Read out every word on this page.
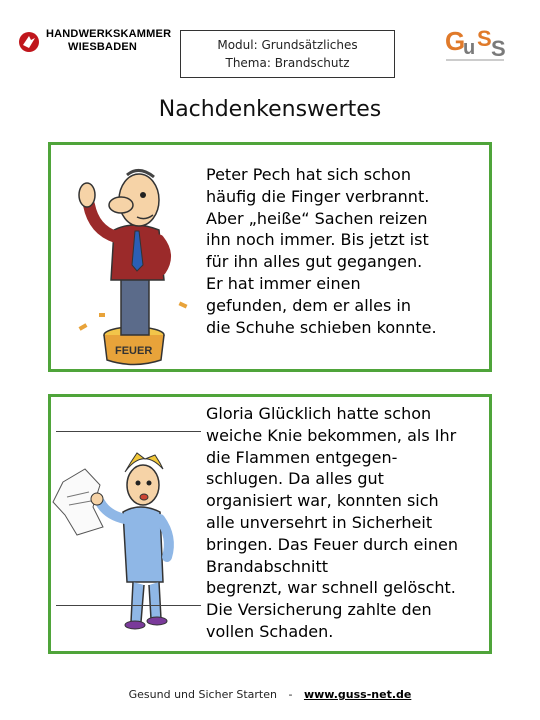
HANDWERKSKAMMER
WIESBADEN	Modul: Grundsätzliches
Thema: Brandschutz
G
u S S
Nachdenkenswertes
FEUER
Peter Pech hat sich schon
häufig die Finger verbrannt.
Aber „heiße“ Sachen reizen
ihn noch immer. Bis jetzt ist
für ihn alles gut gegangen.
Er hat immer einen
gefunden, dem er alles in
die Schuhe schieben konnte.
Gloria Glücklich hatte schon
weiche Knie bekommen, als Ihr
die Flammen entgegen-
schlugen. Da alles gut
organisiert war, konnten sich
alle unversehrt in Sicherheit
bringen. Das Feuer durch einen
Brandabschnitt
begrenzt, war schnell gelöscht.
Die Versicherung zahlte den
vollen Schaden.
Gesund und Sicher Starten - www.guss-net.de
